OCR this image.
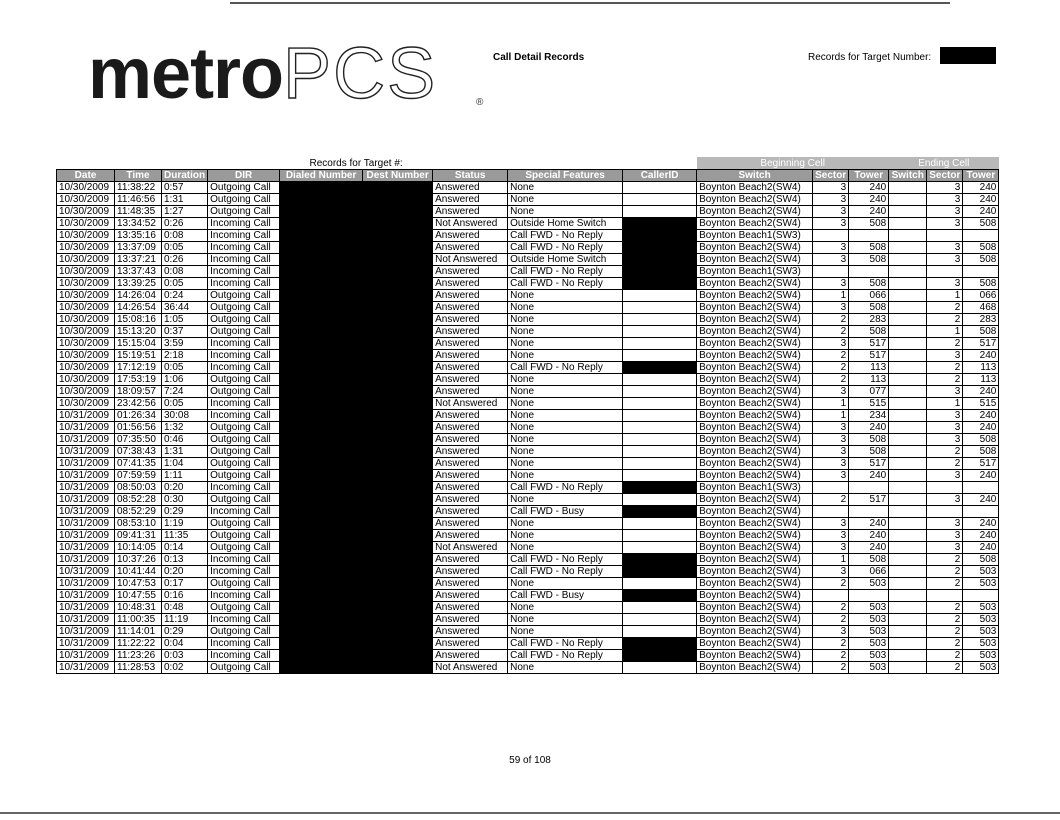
metroPCS	®
Call Detail Records	Records for Target Number:
				Records for Target #:					Beginning Cell			Ending Cell		
Date	Time	Duration	DIR	Dialed Number	Dest Number	Status	Special Features	CallerID	Switch	Sector	Tower	Switch	Sector	Tower
10/30/2009	11:38:22	0:57	Outgoing Call			Answered	None		Boynton Beach2(SW4)	3	240		3	240
10/30/2009	11:46:56	1:31	Outgoing Call			Answered	None		Boynton Beach2(SW4)	3	240		3	240
10/30/2009	11:48:35	1:27	Outgoing Call			Answered	None		Boynton Beach2(SW4)	3	240		3	240
10/30/2009	13:34:52	0:26	Incoming Call			Not Answered	Outside Home Switch		Boynton Beach2(SW4)	3	508		3	508
10/30/2009	13:35:16	0:08	Incoming Call			Answered	Call FWD - No Reply		Boynton Beach1(SW3)					
10/30/2009	13:37:09	0:05	Incoming Call			Answered	Call FWD - No Reply		Boynton Beach2(SW4)	3	508		3	508
10/30/2009	13:37:21	0:26	Incoming Call			Not Answered	Outside Home Switch		Boynton Beach2(SW4)	3	508		3	508
10/30/2009	13:37:43	0:08	Incoming Call			Answered	Call FWD - No Reply		Boynton Beach1(SW3)					
10/30/2009	13:39:25	0:05	Incoming Call			Answered	Call FWD - No Reply		Boynton Beach2(SW4)	3	508		3	508
10/30/2009	14:26:04	0:24	Outgoing Call			Answered	None		Boynton Beach2(SW4)	1	066		1	066
10/30/2009	14:26:54	36:44	Outgoing Call			Answered	None		Boynton Beach2(SW4)	3	508		2	468
10/30/2009	15:08:16	1:05	Outgoing Call			Answered	None		Boynton Beach2(SW4)	2	283		2	283
10/30/2009	15:13:20	0:37	Outgoing Call			Answered	None		Boynton Beach2(SW4)	2	508		1	508
10/30/2009	15:15:04	3:59	Incoming Call			Answered	None		Boynton Beach2(SW4)	3	517		2	517
10/30/2009	15:19:51	2:18	Incoming Call			Answered	None		Boynton Beach2(SW4)	2	517		3	240
10/30/2009	17:12:19	0:05	Incoming Call			Answered	Call FWD - No Reply		Boynton Beach2(SW4)	2	113		2	113
10/30/2009	17:53:19	1:06	Outgoing Call			Answered	None		Boynton Beach2(SW4)	2	113		2	113
10/30/2009	18:09:57	7:24	Outgoing Call			Answered	None		Boynton Beach2(SW4)	3	077		3	240
10/30/2009	23:42:56	0:05	Incoming Call			Not Answered	None		Boynton Beach2(SW4)	1	515		1	515
10/31/2009	01:26:34	30:08	Incoming Call			Answered	None		Boynton Beach2(SW4)	1	234		3	240
10/31/2009	01:56:56	1:32	Outgoing Call			Answered	None		Boynton Beach2(SW4)	3	240		3	240
10/31/2009	07:35:50	0:46	Outgoing Call			Answered	None		Boynton Beach2(SW4)	3	508		3	508
10/31/2009	07:38:43	1:31	Outgoing Call			Answered	None		Boynton Beach2(SW4)	3	508		2	508
10/31/2009	07:41:35	1:04	Outgoing Call			Answered	None		Boynton Beach2(SW4)	3	517		2	517
10/31/2009	07:59:59	1:11	Outgoing Call			Answered	None		Boynton Beach2(SW4)	3	240		3	240
10/31/2009	08:50:03	0:20	Incoming Call			Answered	Call FWD - No Reply		Boynton Beach1(SW3)					
10/31/2009	08:52:28	0:30	Outgoing Call			Answered	None		Boynton Beach2(SW4)	2	517		3	240
10/31/2009	08:52:29	0:29	Incoming Call			Answered	Call FWD - Busy		Boynton Beach2(SW4)					
10/31/2009	08:53:10	1:19	Outgoing Call			Answered	None		Boynton Beach2(SW4)	3	240		3	240
10/31/2009	09:41:31	11:35	Outgoing Call			Answered	None		Boynton Beach2(SW4)	3	240		3	240
10/31/2009	10:14:05	0:14	Outgoing Call			Not Answered	None		Boynton Beach2(SW4)	3	240		3	240
10/31/2009	10:37:26	0:13	Incoming Call			Answered	Call FWD - No Reply		Boynton Beach2(SW4)	1	508		2	508
10/31/2009	10:41:44	0:20	Incoming Call			Answered	Call FWD - No Reply		Boynton Beach2(SW4)	3	066		2	503
10/31/2009	10:47:53	0:17	Outgoing Call			Answered	None		Boynton Beach2(SW4)	2	503		2	503
10/31/2009	10:47:55	0:16	Incoming Call			Answered	Call FWD - Busy		Boynton Beach2(SW4)					
10/31/2009	10:48:31	0:48	Outgoing Call			Answered	None		Boynton Beach2(SW4)	2	503		2	503
10/31/2009	11:00:35	11:19	Incoming Call			Answered	None		Boynton Beach2(SW4)	2	503		2	503
10/31/2009	11:14:01	0:29	Outgoing Call			Answered	None		Boynton Beach2(SW4)	3	503		2	503
10/31/2009	11:22:22	0:04	Incoming Call			Answered	Call FWD - No Reply		Boynton Beach2(SW4)	2	503		2	503
10/31/2009	11:23:26	0:03	Incoming Call			Answered	Call FWD - No Reply		Boynton Beach2(SW4)	2	503		2	503
10/31/2009	11:28:53	0:02	Outgoing Call			Not Answered	None		Boynton Beach2(SW4)	2	503		2	503
59 of 108
